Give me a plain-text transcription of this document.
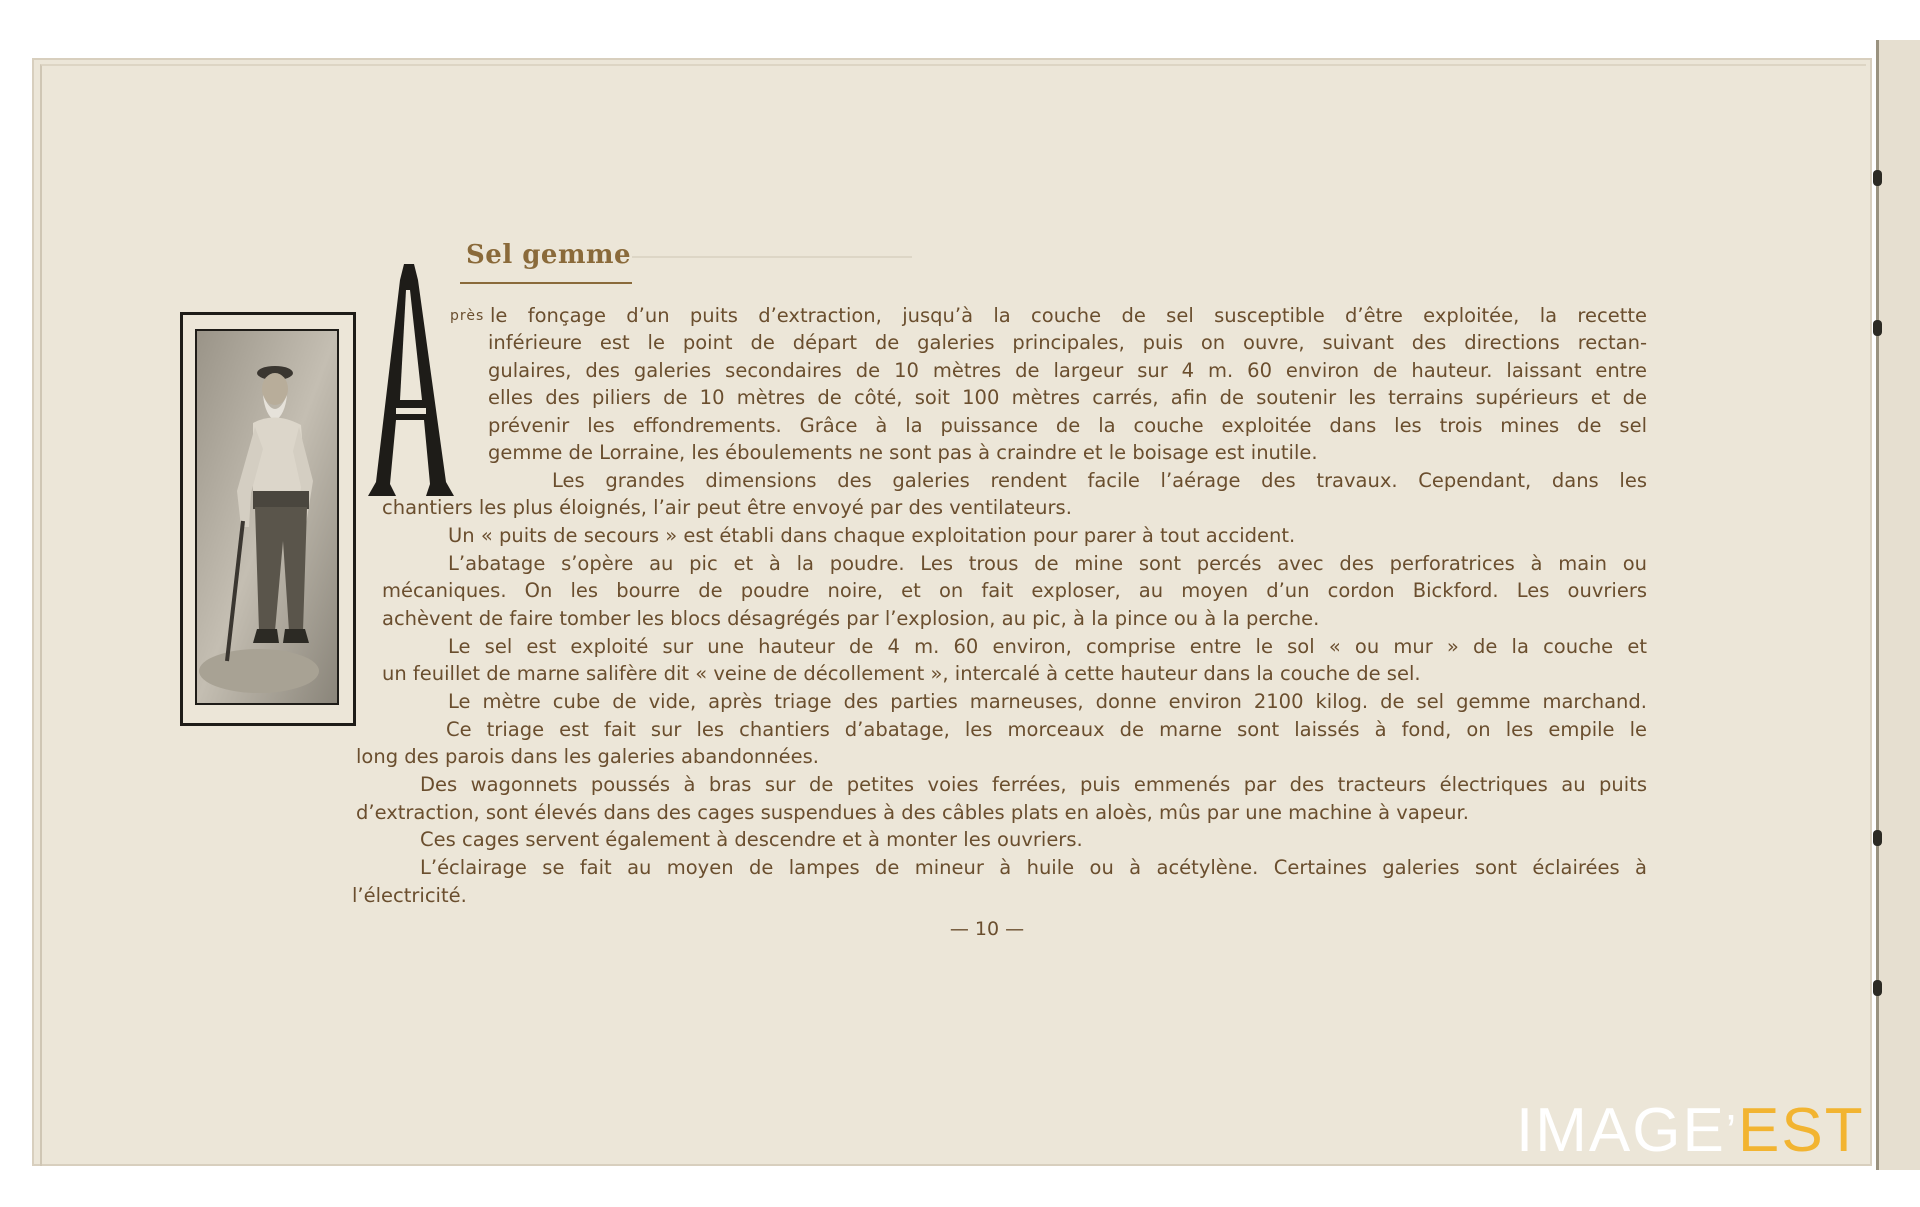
Sel gemme
près le fonçage d’un puits d’extraction, jusqu’à la couche de sel susceptible d’être exploitée, la recette
inférieure est le point de départ de galeries principales, puis on ouvre, suivant des directions rectan-
gulaires, des galeries secondaires de 10 mètres de largeur sur 4 m. 60 environ de hauteur. laissant entre
elles des piliers de 10 mètres de côté, soit 100 mètres carrés, afin de soutenir les terrains supérieurs et de
prévenir les effondrements. Grâce à la puissance de la couche exploitée dans les trois mines de sel
gemme de Lorraine, les éboulements ne sont pas à craindre et le boisage est inutile.
Les grandes dimensions des galeries rendent facile l’aérage des travaux. Cependant, dans les
chantiers les plus éloignés, l’air peut être envoyé par des ventilateurs.
Un « puits de secours » est établi dans chaque exploitation pour parer à tout accident.
L’abatage s’opère au pic et à la poudre. Les trous de mine sont percés avec des perforatrices à main ou
mécaniques. On les bourre de poudre noire, et on fait exploser, au moyen d’un cordon Bickford. Les ouvriers
achèvent de faire tomber les blocs désagrégés par l’explosion, au pic, à la pince ou à la perche.
Le sel est exploité sur une hauteur de 4 m. 60 environ, comprise entre le sol « ou mur » de la couche et
un feuillet de marne salifère dit « veine de décollement », intercalé à cette hauteur dans la couche de sel.
Le mètre cube de vide, après triage des parties marneuses, donne environ 2100 kilog. de sel gemme marchand.
Ce triage est fait sur les chantiers d’abatage, les morceaux de marne sont laissés à fond, on les empile le
long des parois dans les galeries abandonnées.
Des wagonnets poussés à bras sur de petites voies ferrées, puis emmenés par des tracteurs électriques au puits
d’extraction, sont élevés dans des cages suspendues à des câbles plats en aloès, mûs par une machine à vapeur.
Ces cages servent également à descendre et à monter les ouvriers.
L’éclairage se fait au moyen de lampes de mineur à huile ou à acétylène. Certaines galeries sont éclairées à
l’électricité.
— 10 —
IMAGE’EST
